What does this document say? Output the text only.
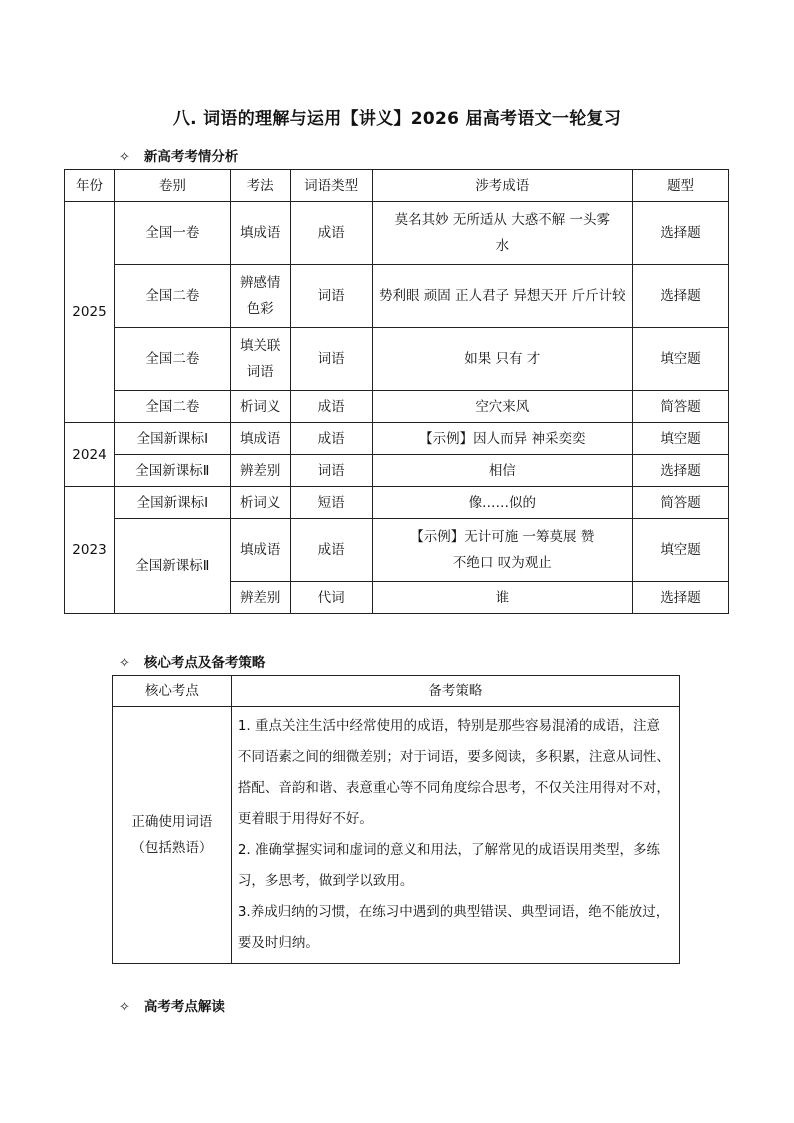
八. 词语的理解与运用【讲义】2026 届高考语文一轮复习
✧ 新高考考情分析
年份	卷别	考法	词语类型	涉考成语	题型
2025	全国一卷	填成语	成语	莫名其妙 无所适从 大惑不解 一头雾水	选择题
	全国二卷	辨感情色彩	词语	势利眼 顽固 正人君子 异想天开 斤斤计较	选择题
	全国二卷	填关联词语	词语	如果 只有 才	填空题
	全国二卷	析词义	成语	空穴来风	简答题
2024	全国新课标Ⅰ	填成语	成语	【示例】因人而异 神采奕奕	填空题
	全国新课标Ⅱ	辨差别	词语	相信	选择题
2023	全国新课标Ⅰ	析词义	短语	像……似的	简答题
	全国新课标Ⅱ	填成语	成语	【示例】无计可施 一筹莫展 赞不绝口 叹为观止	填空题
		辨差别	代词	谁	选择题
✧ 核心考点及备考策略
核心考点	备考策略
正确使用词语（包括熟语）	1. 重点关注生活中经常使用的成语，特别是那些容易混淆的成语，注意不同语素之间的细微差别；对于词语，要多阅读，多积累，注意从词性、搭配、音韵和谐、表意重心等不同角度综合思考，不仅关注用得对不对，更着眼于用得好不好。
2. 准确掌握实词和虚词的意义和用法，了解常见的成语误用类型，多练习，多思考，做到学以致用。
3.养成归纳的习惯，在练习中遇到的典型错误、典型词语，绝不能放过，要及时归纳。
✧ 高考考点解读
